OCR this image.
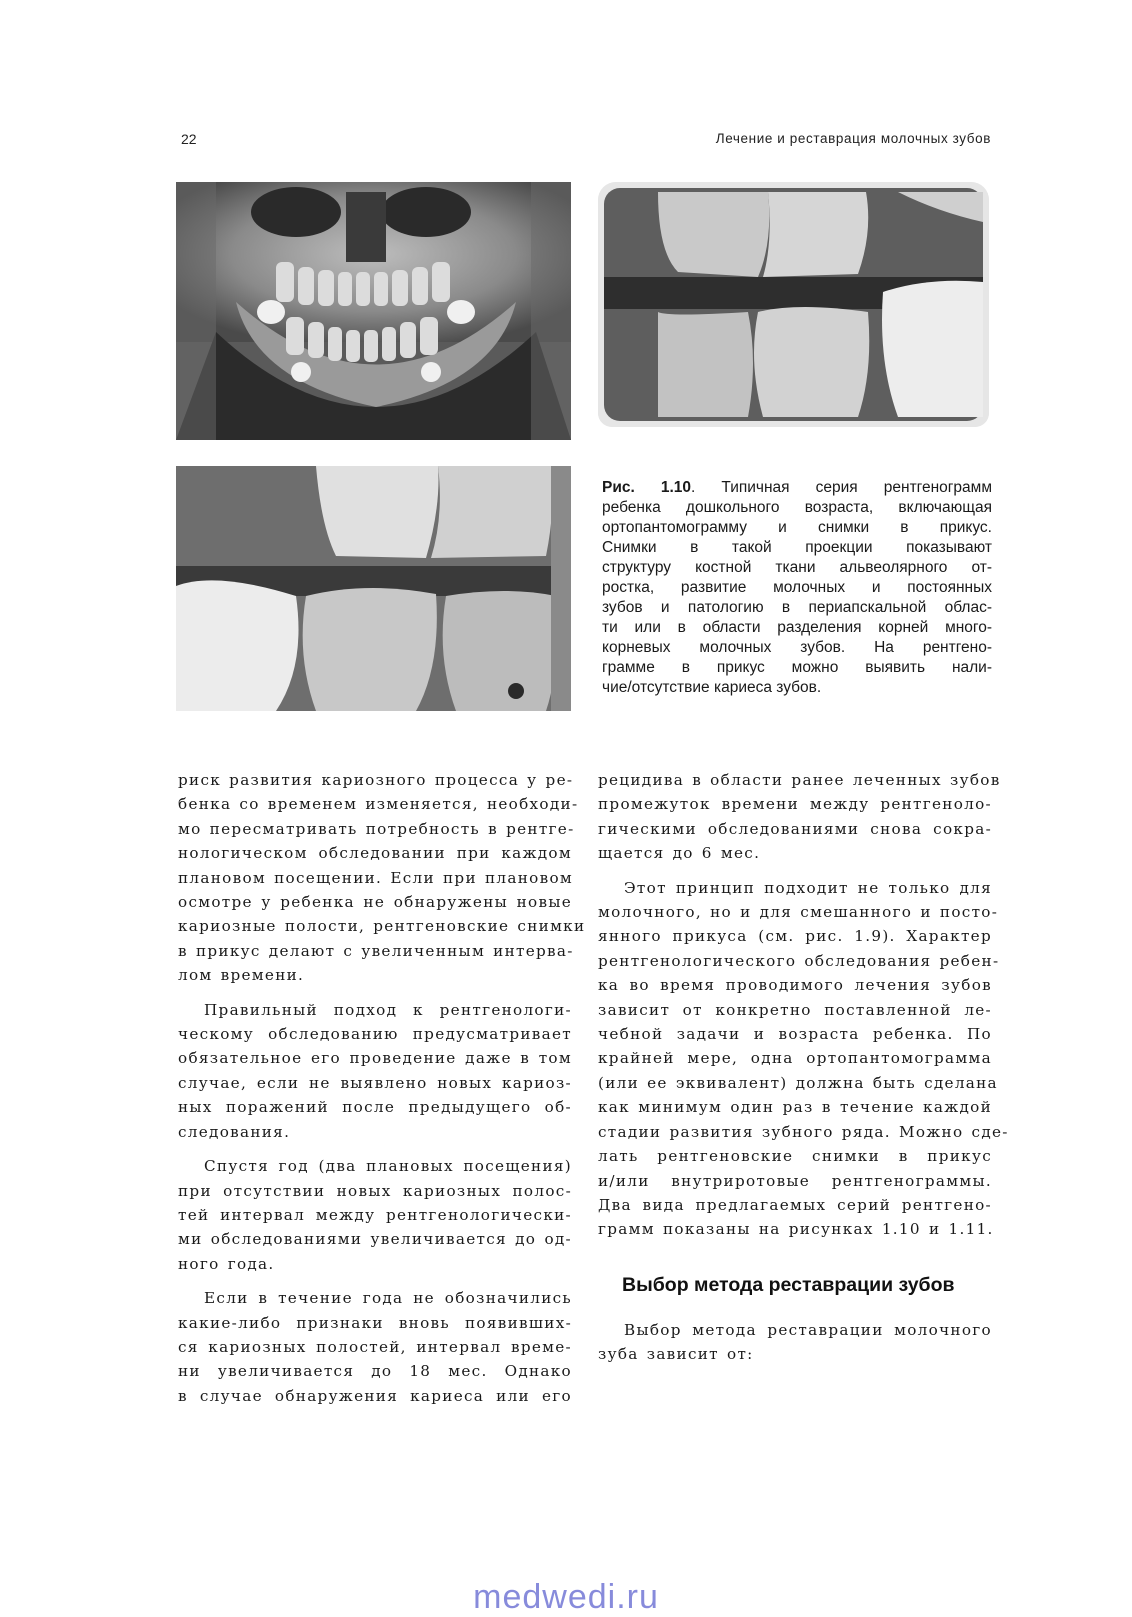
22	Лечение и реставрация молочных зубов
Рис. 1.10. Типичная серия рентгенограмм
ребенка дошкольного возраста, включающая
ортопантомограмму и снимки в прикус.
Снимки в такой проекции показывают
структуру костной ткани альвеолярного от-
ростка, развитие молочных и постоянных
зубов и патологию в периапскальной облас-
ти или в области разделения корней много-
корневых молочных зубов. На рентгено-
грамме в прикус можно выявить нали-
чие/отсутствие кариеса зубов.
риск развития кариозного процесса у ре-
бенка со временем изменяется, необходи-
мо пересматривать потребность в рентге-
нологическом обследовании при каждом
плановом посещении. Если при плановом
осмотре у ребенка не обнаружены новые
кариозные полости, рентгеновские снимки
в прикус делают с увеличенным интерва-
лом времени.
Правильный подход к рентгенологи-
ческому обследованию предусматривает
обязательное его проведение даже в том
случае, если не выявлено новых кариоз-
ных поражений после предыдущего об-
следования.
Спустя год (два плановых посещения)
при отсутствии новых кариозных полос-
тей интервал между рентгенологически-
ми обследованиями увеличивается до од-
ного года.
Если в течение года не обозначились
какие-либо признаки вновь появивших-
ся кариозных полостей, интервал време-
ни увеличивается до 18 мес. Однако
в случае обнаружения кариеса или его
рецидива в области ранее леченных зубов
промежуток времени между рентгеноло-
гическими обследованиями снова сокра-
щается до 6 мес.
Этот принцип подходит не только для
молочного, но и для смешанного и посто-
янного прикуса (см. рис. 1.9). Характер
рентгенологического обследования ребен-
ка во время проводимого лечения зубов
зависит от конкретно поставленной ле-
чебной задачи и возраста ребенка. По
крайней мере, одна ортопантомограмма
(или ее эквивалент) должна быть сделана
как минимум один раз в течение каждой
стадии развития зубного ряда. Можно сде-
лать рентгеновские снимки в прикус
и/или внутриротовые рентгенограммы.
Два вида предлагаемых серий рентгено-
грамм показаны на рисунках 1.10 и 1.11.
Выбор метода реставрации зубов
Выбор метода реставрации молочного
зуба зависит от:
medwedi.ru
